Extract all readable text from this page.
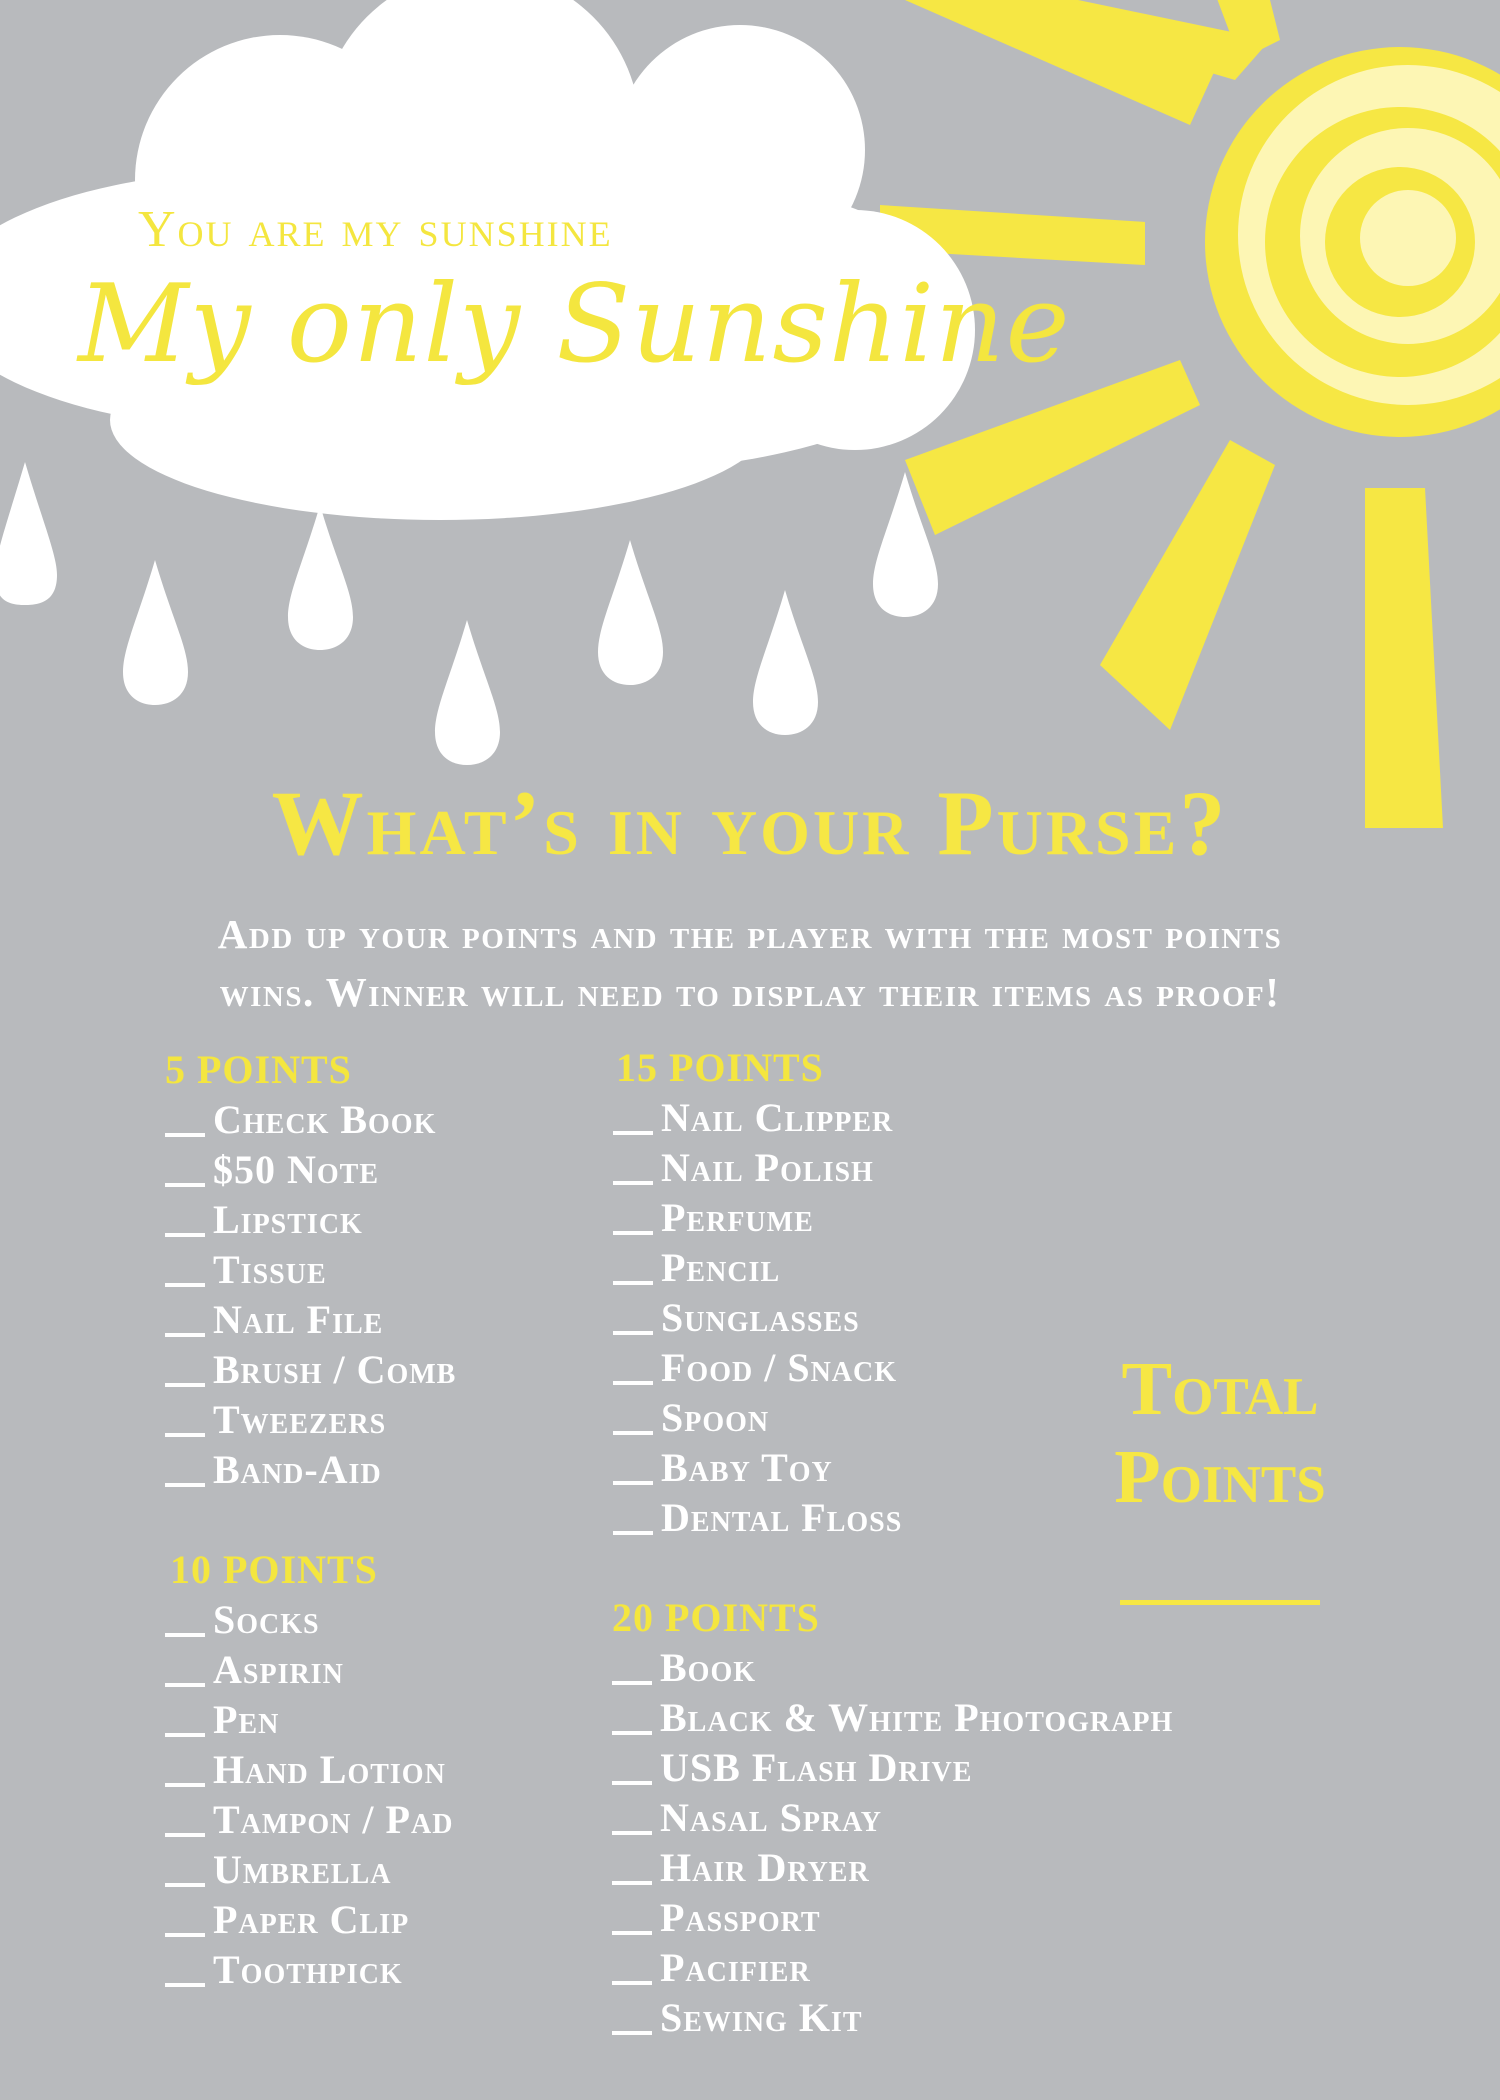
You are my sunshine
My only Sunshine
What’s in your Purse?
Add up your points and the player with the most points
wins. Winner will need to display their items as proof!
5 POINTS
Check Book
$50 Note
Lipstick
Tissue
Nail File
Brush / Comb
Tweezers
Band-Aid
10 POINTS
Socks
Aspirin
Pen
Hand Lotion
Tampon / Pad
Umbrella
Paper Clip
Toothpick
15 POINTS
Nail Clipper
Nail Polish
Perfume
Pencil
Sunglasses
Food / Snack
Spoon
Baby Toy
Dental Floss
20 POINTS
Book
Black & White Photograph
USB Flash Drive
Nasal Spray
Hair Dryer
Passport
Pacifier
Sewing Kit
Total
Points
